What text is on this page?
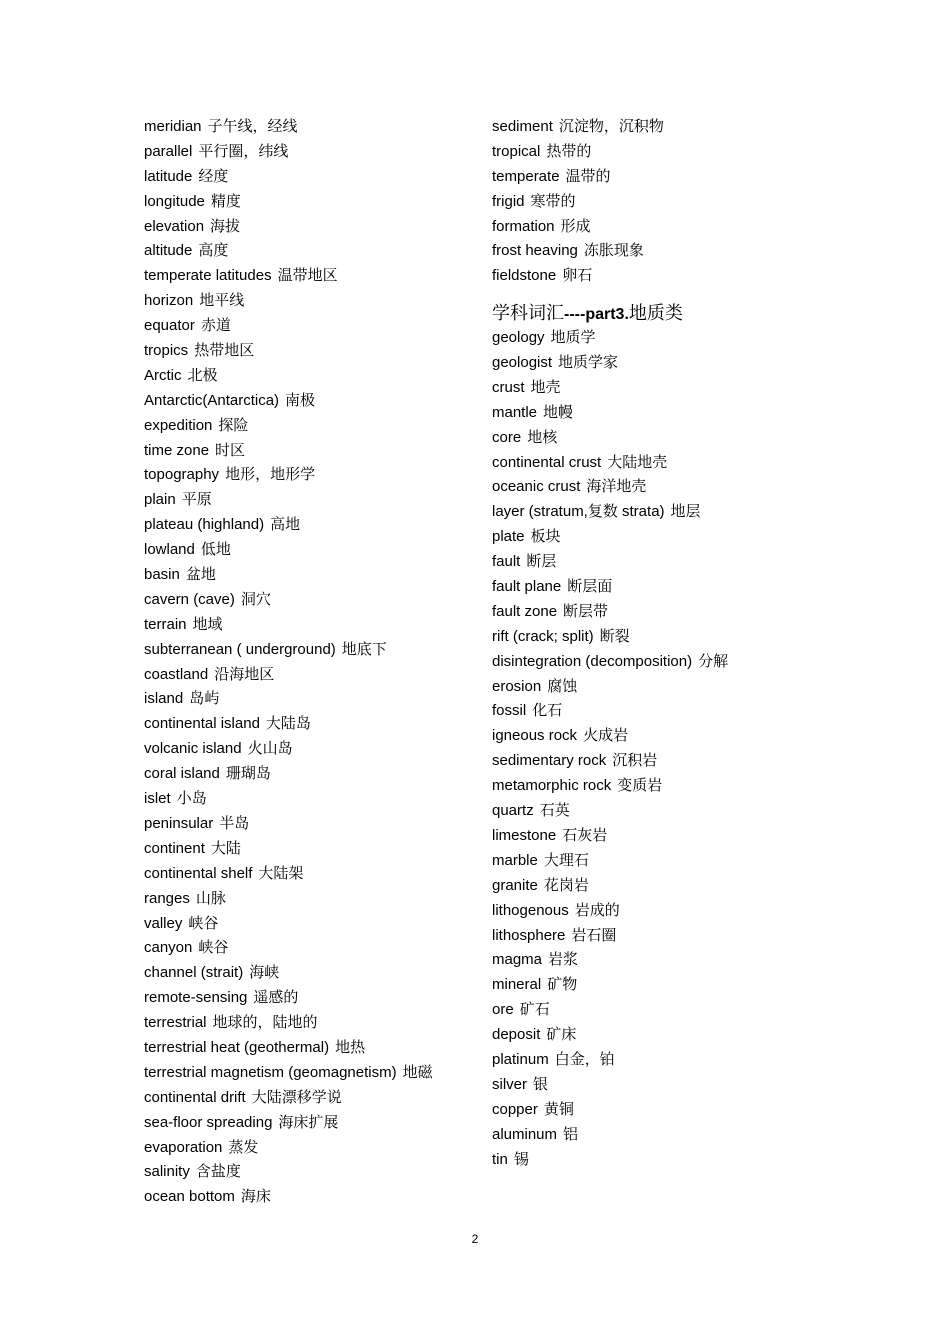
meridian 子午线，经线
parallel 平行圈，纬线
latitude 经度
longitude 精度
elevation 海拔
altitude 高度
temperate latitudes 温带地区
horizon 地平线
equator 赤道
tropics 热带地区
Arctic 北极
Antarctic(Antarctica) 南极
expedition 探险
time zone 时区
topography 地形，地形学
plain 平原
plateau (highland) 高地
lowland 低地
basin 盆地
cavern (cave) 洞穴
terrain 地域
subterranean ( underground) 地底下
coastland 沿海地区
island 岛屿
continental island 大陆岛
volcanic island 火山岛
coral island 珊瑚岛
islet 小岛
peninsular 半岛
continent 大陆
continental shelf 大陆架
ranges 山脉
valley 峡谷
canyon 峡谷
channel (strait) 海峡
remote-sensing 遥感的
terrestrial 地球的，陆地的
terrestrial heat (geothermal) 地热
terrestrial magnetism (geomagnetism) 地磁
continental drift 大陆漂移学说
sea-floor spreading 海床扩展
evaporation 蒸发
salinity 含盐度
ocean bottom 海床
sediment 沉淀物，沉积物
tropical 热带的
temperate 温带的
frigid 寒带的
formation 形成
frost heaving 冻胀现象
fieldstone 卵石
学科词汇----part3.地质类
geology 地质学
geologist 地质学家
crust 地壳
mantle 地幔
core 地核
continental crust 大陆地壳
oceanic crust 海洋地壳
layer (stratum,复数 strata) 地层
plate 板块
fault 断层
fault plane 断层面
fault zone 断层带
rift (crack; split) 断裂
disintegration (decomposition) 分解
erosion 腐蚀
fossil 化石
igneous rock 火成岩
sedimentary rock 沉积岩
metamorphic rock 变质岩
quartz 石英
limestone 石灰岩
marble 大理石
granite 花岗岩
lithogenous 岩成的
lithosphere 岩石圈
magma 岩浆
mineral 矿物
ore 矿石
deposit 矿床
platinum 白金，铂
silver 银
copper 黄铜
aluminum 铝
tin 锡
2
